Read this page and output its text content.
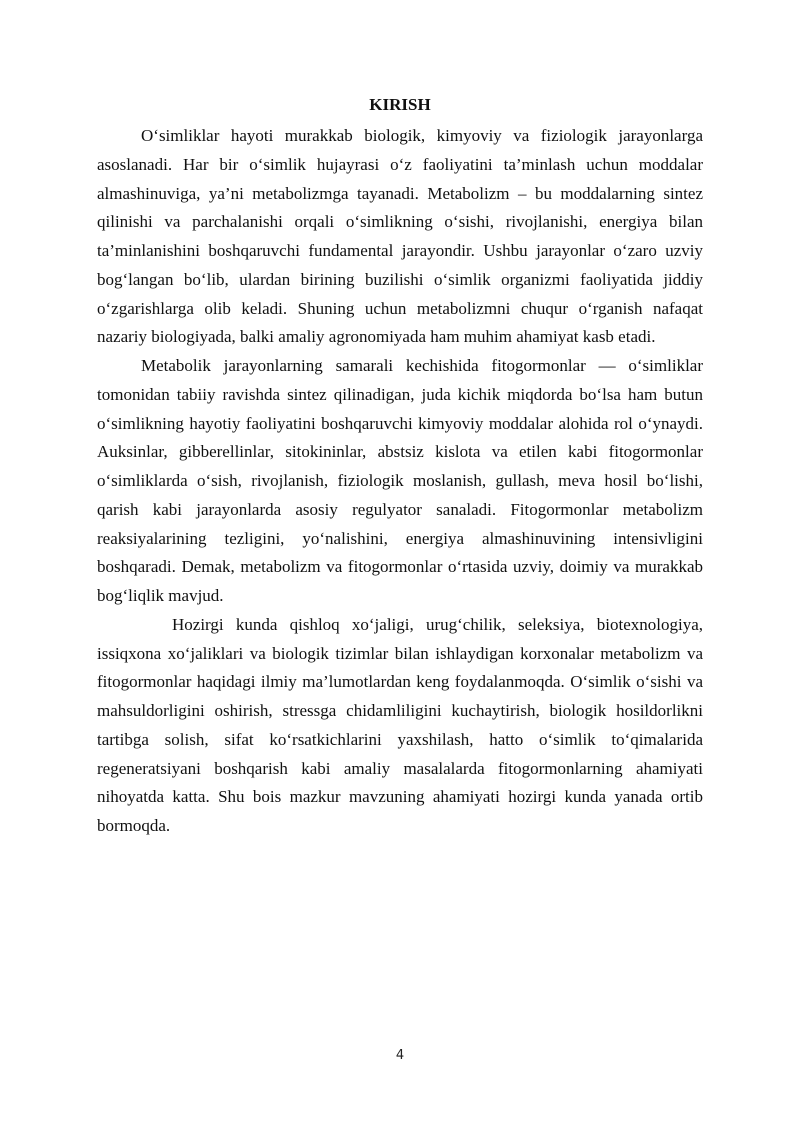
KIRISH

O‘simliklar hayoti murakkab biologik, kimyoviy va fiziologik jarayonlarga asoslanadi. Har bir o‘simlik hujayrasi o‘z faoliyatini ta’minlash uchun moddalar almashinuviga, ya’ni metabolizmga tayanadi. Metabolizm – bu moddalarning sintez qilinishi va parchalanishi orqali o‘simlikning o‘sishi, rivojlanishi, energiya bilan ta’minlanishini boshqaruvchi fundamental jarayondir. Ushbu jarayonlar o‘zaro uzviy bog‘langan bo‘lib, ulardan birining buzilishi o‘simlik organizmi faoliyatida jiddiy o‘zgarishlarga olib keladi. Shuning uchun metabolizmni chuqur o‘rganish nafaqat nazariy biologiyada, balki amaliy agronomiyada ham muhim ahamiyat kasb etadi.

Metabolik jarayonlarning samarali kechishida fitogormonlar — o‘simliklar tomonidan tabiiy ravishda sintez qilinadigan, juda kichik miqdorda bo‘lsa ham butun o‘simlikning hayotiy faoliyatini boshqaruvchi kimyoviy moddalar alohida rol o‘ynaydi. Auksinlar, gibberellinlar, sitokininlar, abstsiz kislota va etilen kabi fitogormonlar o‘simliklarda o‘sish, rivojlanish, fiziologik moslanish, gullash, meva hosil bo‘lishi, qarish kabi jarayonlarda asosiy regulyator sanaladi. Fitogormonlar metabolizm reaksiyalarining tezligini, yo‘nalishini, energiya almashinuvining intensivligini boshqaradi. Demak, metabolizm va fitogormonlar o‘rtasida uzviy, doimiy va murakkab bog‘liqlik mavjud.

Hozirgi kunda qishloq xo‘jaligi, urug‘chilik, seleksiya, biotexnologiya, issiqxona xo‘jaliklari va biologik tizimlar bilan ishlaydigan korxonalar metabolizm va fitogormonlar haqidagi ilmiy ma’lumotlardan keng foydalanmoqda. O‘simlik o‘sishi va mahsuldorligini oshirish, stressga chidamliligini kuchaytirish, biologik hosildorlikni tartibga solish, sifat ko‘rsatkichlarini yaxshilash, hatto o‘simlik to‘qimalarida regeneratsiyani boshqarish kabi amaliy masalalarda fitogormonlarning ahamiyati nihoyatda katta. Shu bois mazkur mavzuning ahamiyati hozirgi kunda yanada ortib bormoqda.

4
